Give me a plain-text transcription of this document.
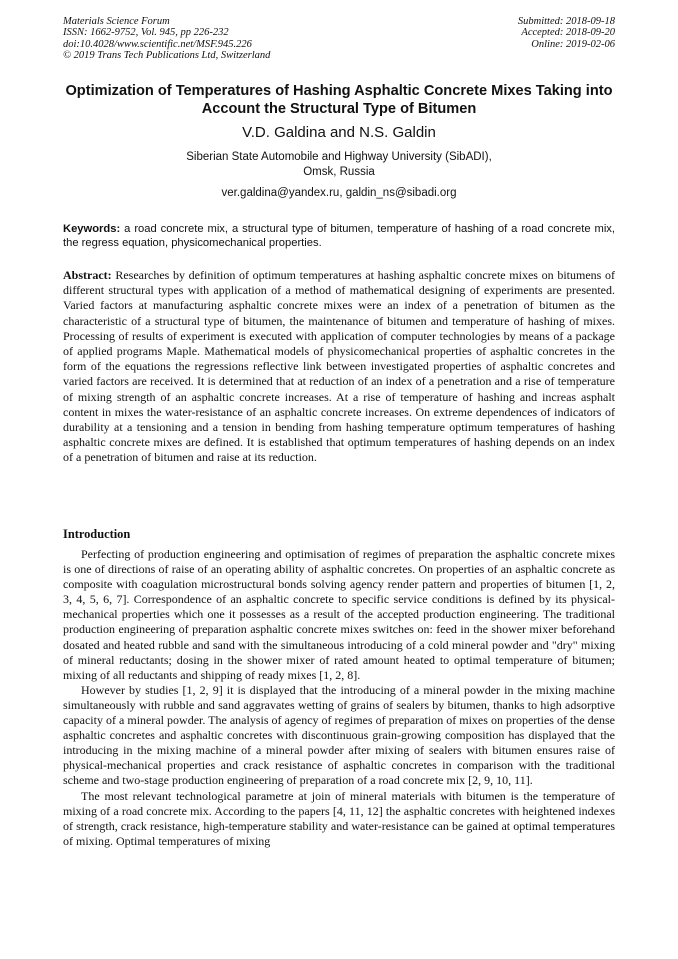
Materials Science Forum
ISSN: 1662-9752, Vol. 945, pp 226-232
doi:10.4028/www.scientific.net/MSF.945.226
© 2019 Trans Tech Publications Ltd, Switzerland
Submitted: 2018-09-18
Accepted: 2018-09-20
Online: 2019-02-06
Optimization of Temperatures of Hashing Asphaltic Concrete Mixes Taking into Account the Structural Type of Bitumen
V.D. Galdina and N.S. Galdin
Siberian State Automobile and Highway University (SibADI),
Omsk, Russia
ver.galdina@yandex.ru, galdin_ns@sibadi.org
Keywords: a road concrete mix, a structural type of bitumen, temperature of hashing of a road concrete mix, the regress equation, physicomechanical properties.
Abstract: Researches by definition of optimum temperatures at hashing asphaltic concrete mixes on bitumens of different structural types with application of a method of mathematical designing of experiments are presented. Varied factors at manufacturing asphaltic concrete mixes were an index of a penetration of bitumen as the characteristic of a structural type of bitumen, the maintenance of bitumen and temperature of hashing of mixes. Processing of results of experiment is executed with application of computer technologies by means of a package of applied programs Maple. Mathematical models of physicomechanical properties of asphaltic concretes in the form of the equations the regressions reflective link between investigated properties of asphaltic concretes and varied factors are received. It is determined that at reduction of an index of a penetration and a rise of temperature of mixing strength of an asphaltic concrete increases. At a rise of temperature of hashing and increas asphalt content in mixes the water-resistance of an asphaltic concrete increases. On extreme dependences of indicators of durability at a tensioning and a tension in bending from hashing temperature optimum temperatures of hashing asphaltic concrete mixes are defined. It is established that optimum temperatures of hashing depends on an index of a penetration of bitumen and raise at its reduction.
Introduction

Perfecting of production engineering and optimisation of regimes of preparation the asphaltic concrete mixes is one of directions of raise of an operating ability of asphaltic concretes. On properties of an asphaltic concrete as composite with coagulation microstructural bonds solving agency render pattern and properties of bitumen [1, 2, 3, 4, 5, 6, 7]. Correspondence of an asphaltic concrete to specific service conditions is defined by its physical-mechanical properties which one it possesses as a result of the accepted production engineering. The traditional production engineering of preparation asphaltic concrete mixes switches on: feed in the shower mixer beforehand dosated and heated rubble and sand with the simultaneous introducing of a cold mineral powder and "dry" mixing of mineral reductants; dosing in the shower mixer of rated amount heated to optimal temperature of bitumen; mixing of all reductants and shipping of ready mixes [1, 2, 8].

However by studies [1, 2, 9] it is displayed that the introducing of a mineral powder in the mixing machine simultaneously with rubble and sand aggravates wetting of grains of sealers by bitumen, thanks to high adsorptive capacity of a mineral powder. The analysis of agency of regimes of preparation of mixes on properties of the dense asphaltic concretes and asphaltic concretes with discontinuous grain-growing composition has displayed that the introducing in the mixing machine of a mineral powder after mixing of sealers with bitumen ensures raise of physical-mechanical properties and crack resistance of asphaltic concretes in comparison with the traditional scheme and two-stage production engineering of preparation of a road concrete mix [2, 9, 10, 11].

The most relevant technological parametre at join of mineral materials with bitumen is the temperature of mixing of a road concrete mix. According to the papers [4, 11, 12] the asphaltic concretes with heightened indexes of strength, crack resistance, high-temperature stability and water-resistance can be gained at optimal temperatures of mixing. Optimal temperatures of mixing
